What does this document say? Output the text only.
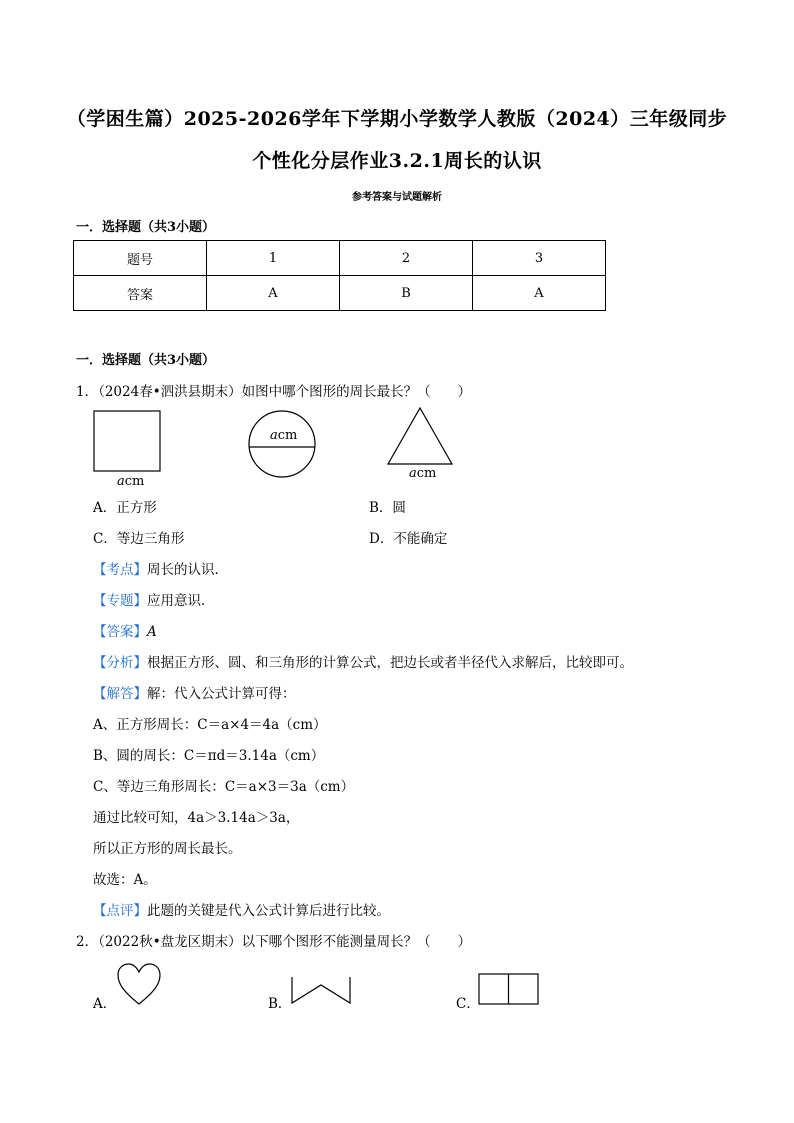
（学困生篇）2025-2026学年下学期小学数学人教版（2024）三年级同步
个性化分层作业3.2.1周长的认识
参考答案与试题解析
一．选择题（共3小题）
题号	1	2	3
答案	A	B	A
一．选择题（共3小题）
1．（2024春•泗洪县期末）如图中哪个图形的周长最长？（　　）
acm
acm
acm
A．正方形	B．圆
C．等边三角形	D．不能确定
【考点】周长的认识．
【专题】应用意识．
【答案】A
【分析】根据正方形、圆、和三角形的计算公式，把边长或者半径代入求解后，比较即可。
【解答】解：代入公式计算可得：
A、正方形周长：C＝a×4＝4a（cm）
B、圆的周长：C＝πd＝3.14a（cm）
C、等边三角形周长：C＝a×3＝3a（cm）
通过比较可知，4a＞3.14a＞3a，
所以正方形的周长最长。
故选：A。
【点评】此题的关键是代入公式计算后进行比较。
2．（2022秋•盘龙区期末）以下哪个图形不能测量周长？（　　）
A．	B．	C．
